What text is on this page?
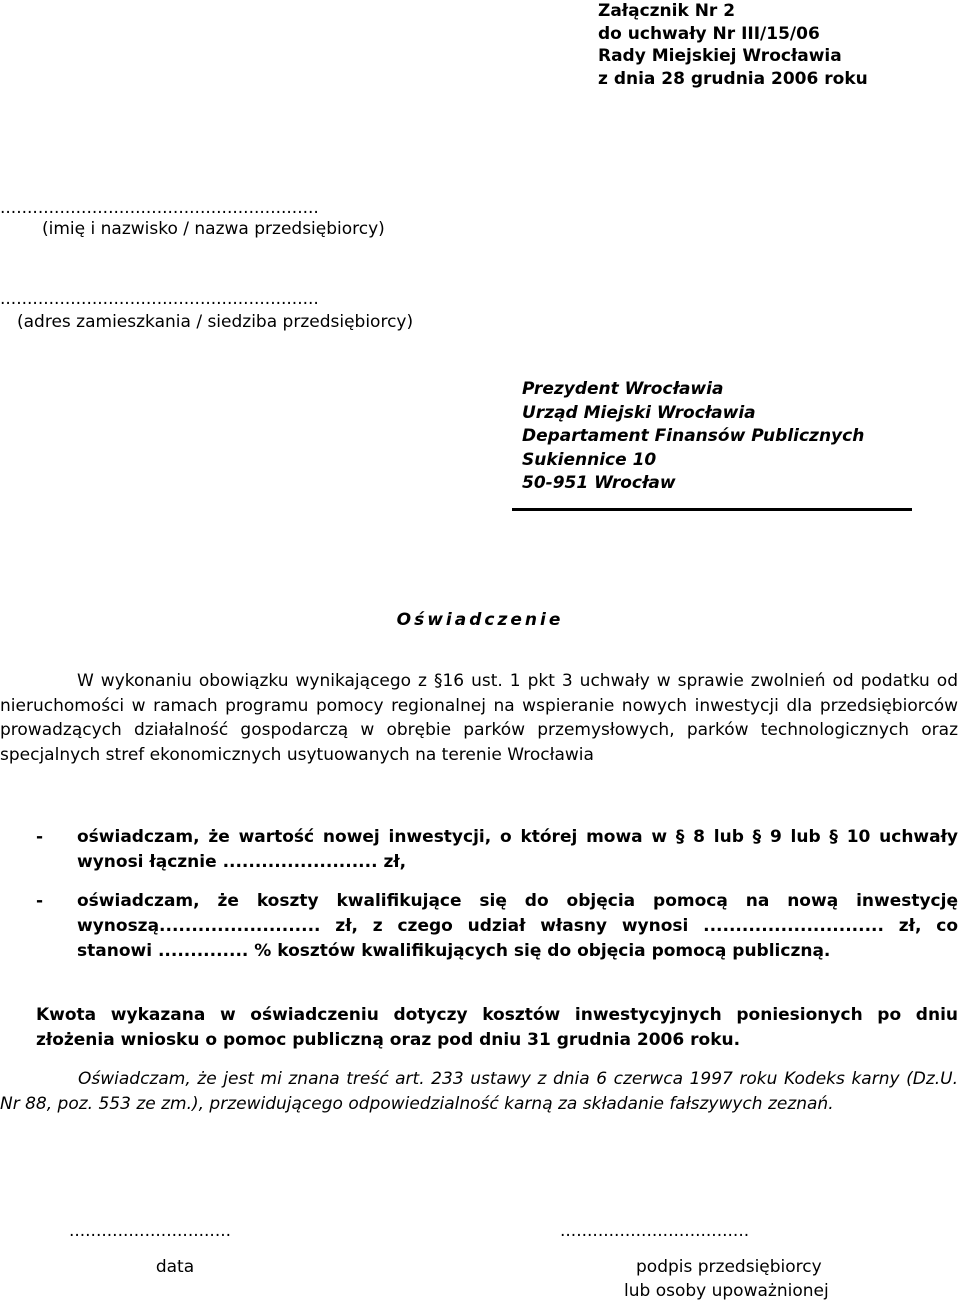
Załącznik Nr 2
do uchwały Nr III/15/06
Rady Miejskiej Wrocławia
z dnia 28 grudnia 2006 roku
...........................................................
(imię i nazwisko / nazwa przedsiębiorcy)
...........................................................
(adres zamieszkania / siedziba przedsiębiorcy)
Prezydent Wrocławia
Urząd Miejski Wrocławia
Departament Finansów Publicznych
Sukiennice 10
50-951 Wrocław
Oświadczenie
W wykonaniu obowiązku wynikającego z §16 ust. 1 pkt 3 uchwały w sprawie zwolnień od podatku od nieruchomości w ramach programu pomocy regionalnej na wspieranie nowych inwestycji dla przedsiębiorców prowadzących działalność gospodarczą w obrębie parków przemysłowych, parków technologicznych oraz specjalnych stref ekonomicznych usytuowanych na terenie Wrocławia
- oświadczam, że wartość nowej inwestycji, o której mowa w § 8 lub § 9 lub § 10 uchwały wynosi łącznie ........................ zł,
- oświadczam, że koszty kwalifikujące się do objęcia pomocą na nową inwestycję wynoszą......................... zł, z czego udział własny wynosi ............................ zł, co stanowi .............. % kosztów kwalifikujących się do objęcia pomocą publiczną.
Kwota wykazana w oświadczeniu dotyczy kosztów inwestycyjnych poniesionych po dniu złożenia wniosku o pomoc publiczną oraz pod dniu 31 grudnia 2006 roku.
Oświadczam, że jest mi znana treść art. 233 ustawy z dnia 6 czerwca 1997 roku Kodeks karny (Dz.U. Nr 88, poz. 553 ze zm.), przewidującego odpowiedzialność karną za składanie fałszywych zeznań.
..............................
data
...................................
podpis przedsiębiorcy
lub osoby upoważnionej
